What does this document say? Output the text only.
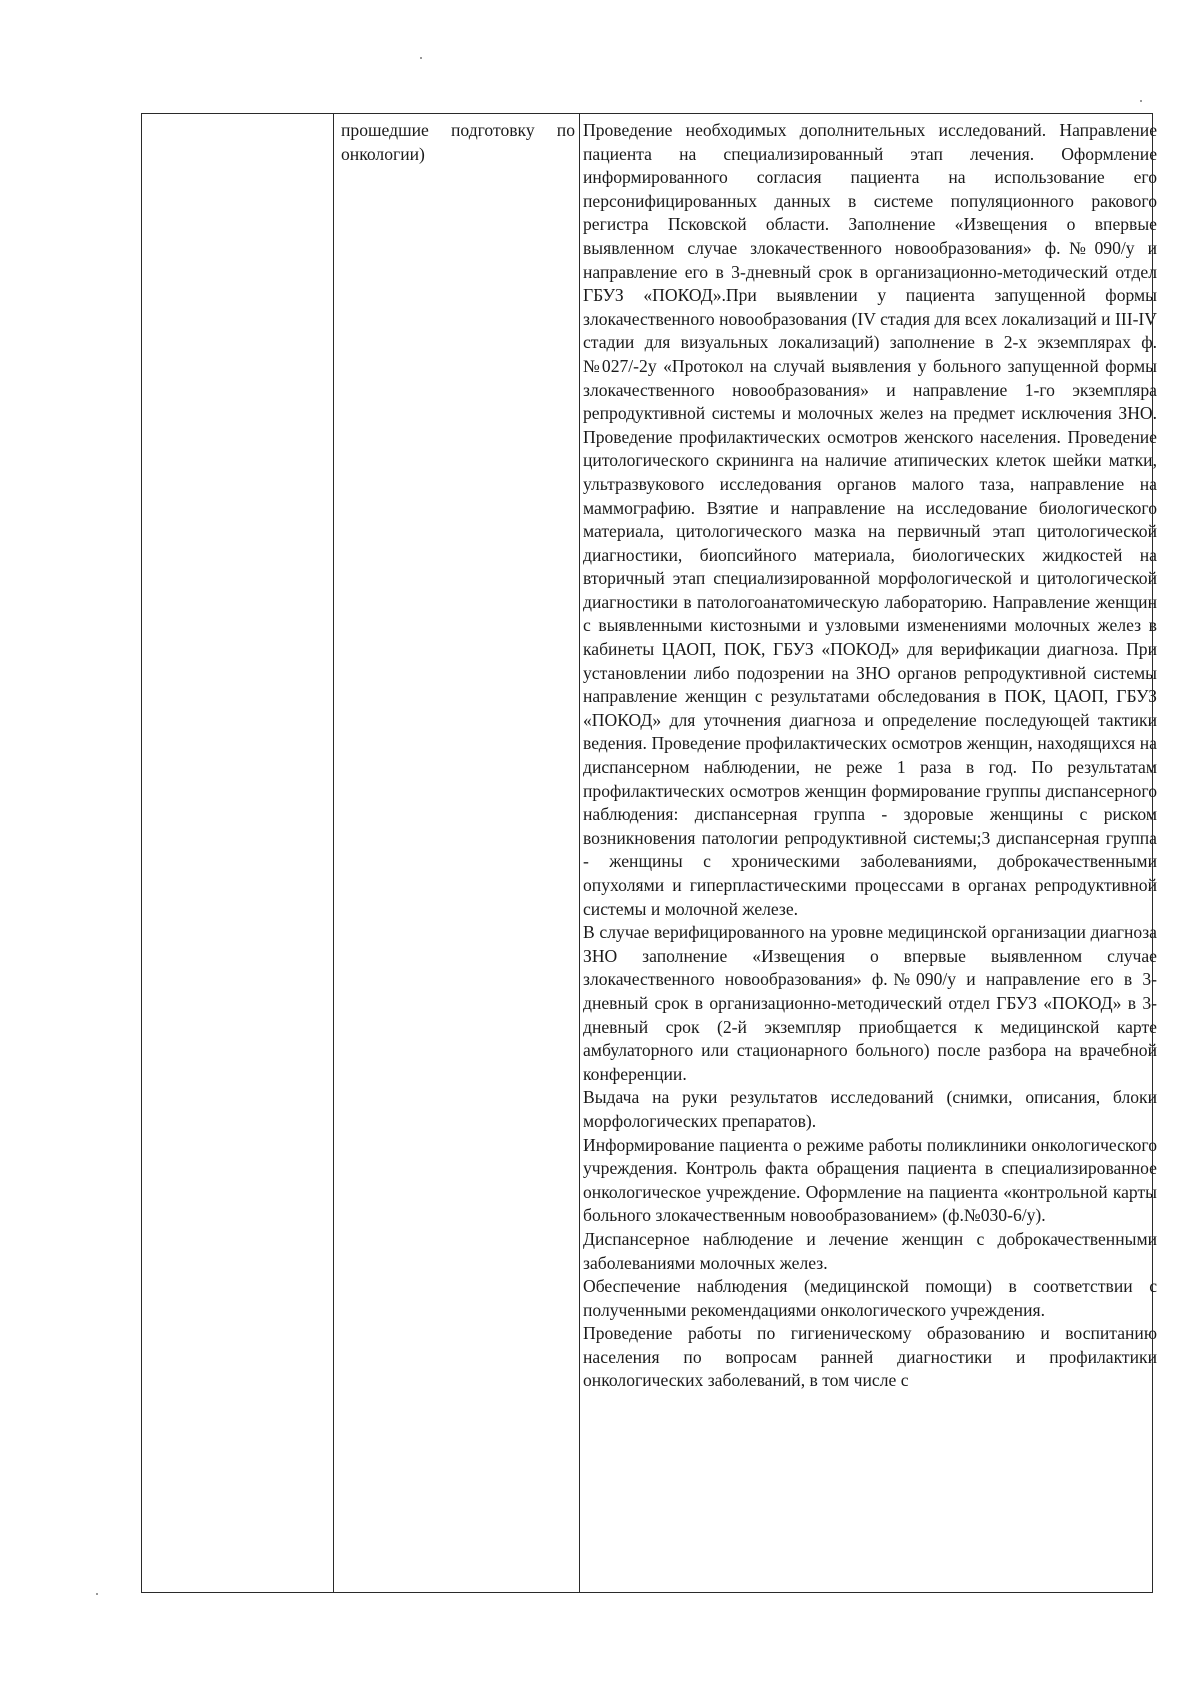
прошедшие подготовку по онкологии)

Проведение необходимых дополнительных исследований. Направление пациента на специализированный этап лечения. Оформление информированного согласия пациента на использование его персонифицированных данных в системе популяционного ракового регистра Псковской области. Заполнение «Извещения о впервые выявленном случае злокачественного новообразования» ф.№090/у и направление его в 3-дневный срок в организационно-методический отдел ГБУЗ «ПОКОД».При выявлении у пациента запущенной формы злокачественного новообразования (IV стадия для всех локализаций и III-IV стадии для визуальных локализаций) заполнение в 2-х экземплярах ф.№027/-2у «Протокол на случай выявления у больного запущенной формы злокачественного новообразования» и направление 1-го экземпляра репродуктивной системы и молочных желез на предмет исключения ЗНО. Проведение профилактических осмотров женского населения. Проведение цитологического скрининга на наличие атипических клеток шейки матки, ультразвукового исследования органов малого таза, направление на маммографию. Взятие и направление на исследование биологического материала, цитологического мазка на первичный этап цитологической диагностики, биопсийного материала, биологических жидкостей на вторичный этап специализированной морфологической и цитологической диагностики в патологоанатомическую лабораторию. Направление женщин с выявленными кистозными и узловыми изменениями молочных желез в кабинеты ЦАОП, ПОК, ГБУЗ «ПОКОД» для верификации диагноза. При установлении либо подозрении на ЗНО органов репродуктивной системы направление женщин с результатами обследования в ПОК, ЦАОП, ГБУЗ «ПОКОД» для уточнения диагноза и определение последующей тактики ведения. Проведение профилактических осмотров женщин, находящихся на диспансерном наблюдении, не реже 1 раза в год. По результатам профилактических осмотров женщин формирование группы диспансерного наблюдения: диспансерная группа - здоровые женщины с риском возникновения патологии репродуктивной системы;3 диспансерная группа - женщины с хроническими заболеваниями, доброкачественными опухолями и гиперпластическими процессами в органах репродуктивной системы и молочной железе.

В случае верифицированного на уровне медицинской организации диагноза ЗНО заполнение «Извещения о впервые выявленном случае злокачественного новообразования» ф.№090/у и направление его в 3-дневный срок в организационно-методический отдел ГБУЗ «ПОКОД» в 3-дневный срок (2-й экземпляр приобщается к медицинской карте амбулаторного или стационарного больного) после разбора на врачебной конференции.

Выдача на руки результатов исследований (снимки, описания, блоки морфологических препаратов).

Информирование пациента о режиме работы поликлиники онкологического учреждения. Контроль факта обращения пациента в специализированное онкологическое учреждение. Оформление на пациента «контрольной карты больного злокачественным новообразованием» (ф.№030-6/у).

Диспансерное наблюдение и лечение женщин с доброкачественными заболеваниями молочных желез.

Обеспечение наблюдения (медицинской помощи) в соответствии с полученными рекомендациями онкологического учреждения.

Проведение работы по гигиеническому образованию и воспитанию населения по вопросам ранней диагностики и профилактики онкологических заболеваний, в том числе с
